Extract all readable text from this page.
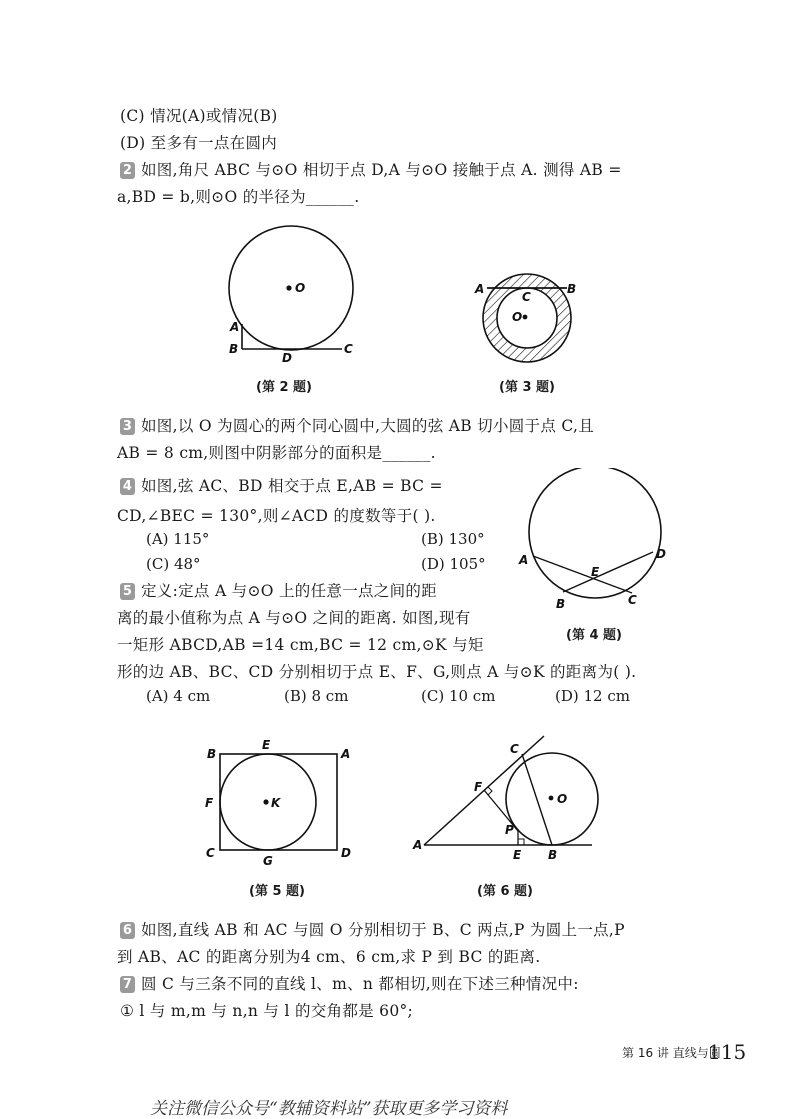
(C) 情况(A)或情况(B)
(D) 至多有一点在圆内
2 如图,角尺 ABC 与⊙O 相切于点 D,A 与⊙O 接触于点 A. 测得 AB =
a,BD = b,则⊙O 的半径为______.
O
A
B
D
C
(第 2 题)
A	B
C
O
(第 3 题)
3 如图,以 O 为圆心的两个同心圆中,大圆的弦 AB 切小圆于点 C,且
AB = 8 cm,则图中阴影部分的面积是______.
4 如图,弦 AC、BD 相交于点 E,AB = BC =
CD,∠BEC = 130°,则∠ACD 的度数等于( ).
(A) 115°	(B) 130°
(C) 48°	(D) 105°	A	D
E
B	C
(第 4 题)
5 定义:定点 A 与⊙O 上的任意一点之间的距
离的最小值称为点 A 与⊙O 之间的距离. 如图,现有
一矩形 ABCD,AB =14 cm,BC = 12 cm,⊙K 与矩
形的边 AB、BC、CD 分别相切于点 E、F、G,则点 A 与⊙K 的距离为( ).
(A) 4 cm	(B) 8 cm	(C) 10 cm	(D) 12 cm
B
E
A
F	K
C
G
D
(第 5 题)
C
F
O
P
A
E B
(第 6 题)
6 如图,直线 AB 和 AC 与圆 O 分别相切于 B、C 两点,P 为圆上一点,P
到 AB、AC 的距离分别为4 cm、6 cm,求 P 到 BC 的距离.
7 圆 C 与三条不同的直线 l、m、n 都相切,则在下述三种情况中:
① l 与 m,m 与 n,n 与 l 的交角都是 60°;
第 16 讲 直线与圆
115
关注微信公众号“教辅资料站”获取更多学习资料
